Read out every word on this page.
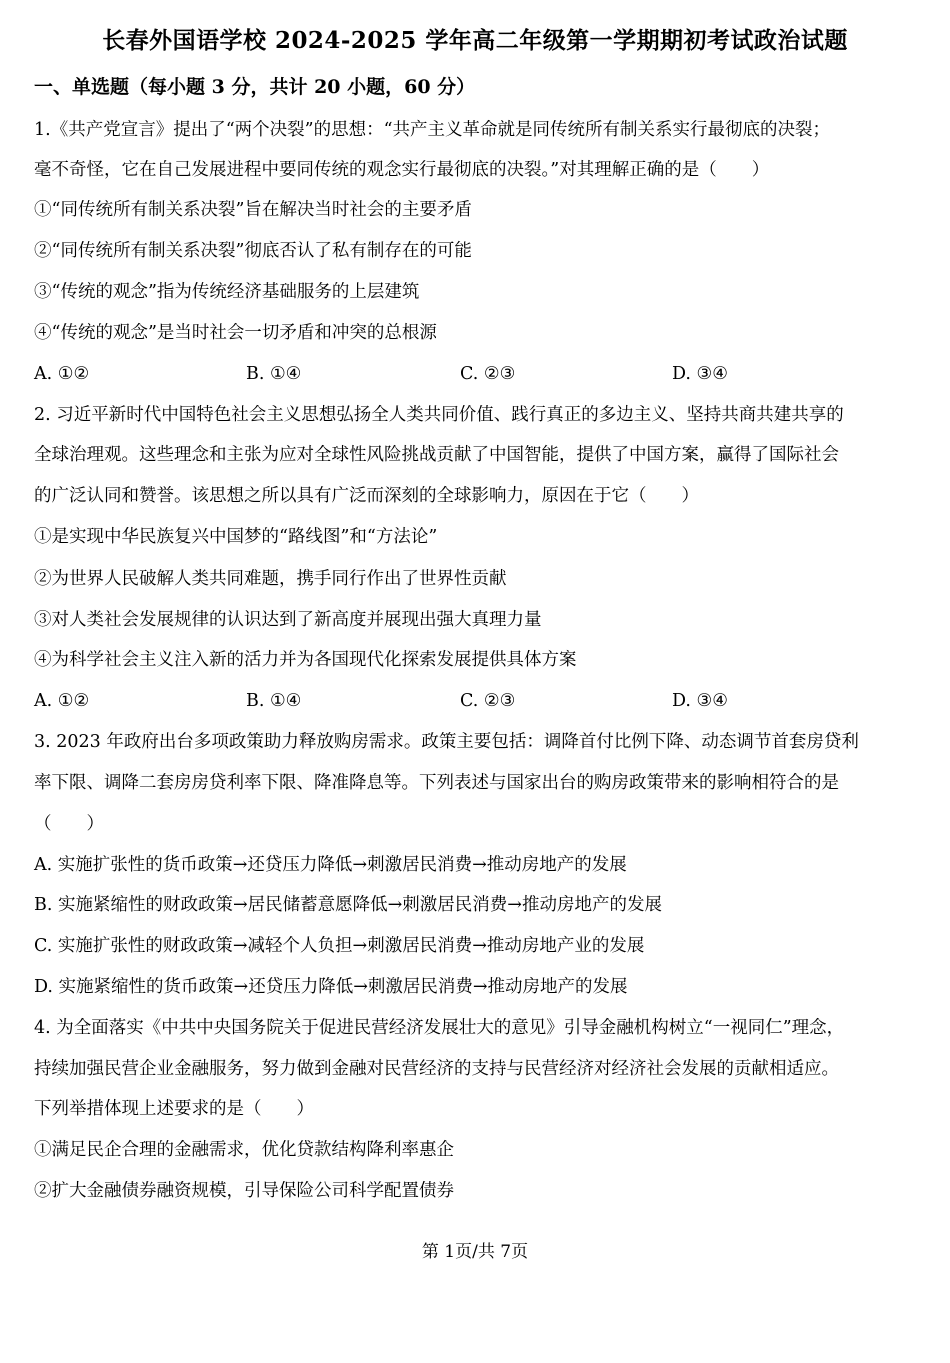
长春外国语学校 2024-2025 学年高二年级第一学期期初考试政治试题
一、单选题（每小题 3 分，共计 20 小题，60 分）
1.《共产党宣言》提出了“两个决裂”的思想：“共产主义革命就是同传统所有制关系实行最彻底的决裂；
毫不奇怪，它在自己发展进程中要同传统的观念实行最彻底的决裂。”对其理解正确的是（　　）
①“同传统所有制关系决裂”旨在解决当时社会的主要矛盾
②“同传统所有制关系决裂”彻底否认了私有制存在的可能
③“传统的观念”指为传统经济基础服务的上层建筑
④“传统的观念”是当时社会一切矛盾和冲突的总根源
A. ①②	B. ①④	C. ②③	D. ③④
2. 习近平新时代中国特色社会主义思想弘扬全人类共同价值、践行真正的多边主义、坚持共商共建共享的
全球治理观。这些理念和主张为应对全球性风险挑战贡献了中国智能，提供了中国方案，赢得了国际社会
的广泛认同和赞誉。该思想之所以具有广泛而深刻的全球影响力，原因在于它（　　）
①是实现中华民族复兴中国梦的“路线图”和“方法论”
②为世界人民破解人类共同难题，携手同行作出了世界性贡献
③对人类社会发展规律的认识达到了新高度并展现出强大真理力量
④为科学社会主义注入新的活力并为各国现代化探索发展提供具体方案
A. ①②	B. ①④	C. ②③	D. ③④
3. 2023 年政府出台多项政策助力释放购房需求。政策主要包括：调降首付比例下降、动态调节首套房贷利
率下限、调降二套房房贷利率下限、降准降息等。下列表述与国家出台的购房政策带来的影响相符合的是
（　　）
A. 实施扩张性的货币政策→还贷压力降低→刺激居民消费→推动房地产的发展
B. 实施紧缩性的财政政策→居民储蓄意愿降低→刺激居民消费→推动房地产的发展
C. 实施扩张性的财政政策→减轻个人负担→刺激居民消费→推动房地产业的发展
D. 实施紧缩性的货币政策→还贷压力降低→刺激居民消费→推动房地产的发展
4. 为全面落实《中共中央国务院关于促进民营经济发展壮大的意见》引导金融机构树立“一视同仁”理念，
持续加强民营企业金融服务，努力做到金融对民营经济的支持与民营经济对经济社会发展的贡献相适应。
下列举措体现上述要求的是（　　）
①满足民企合理的金融需求，优化贷款结构降利率惠企
②扩大金融债券融资规模，引导保险公司科学配置债券
第 1页/共 7页
